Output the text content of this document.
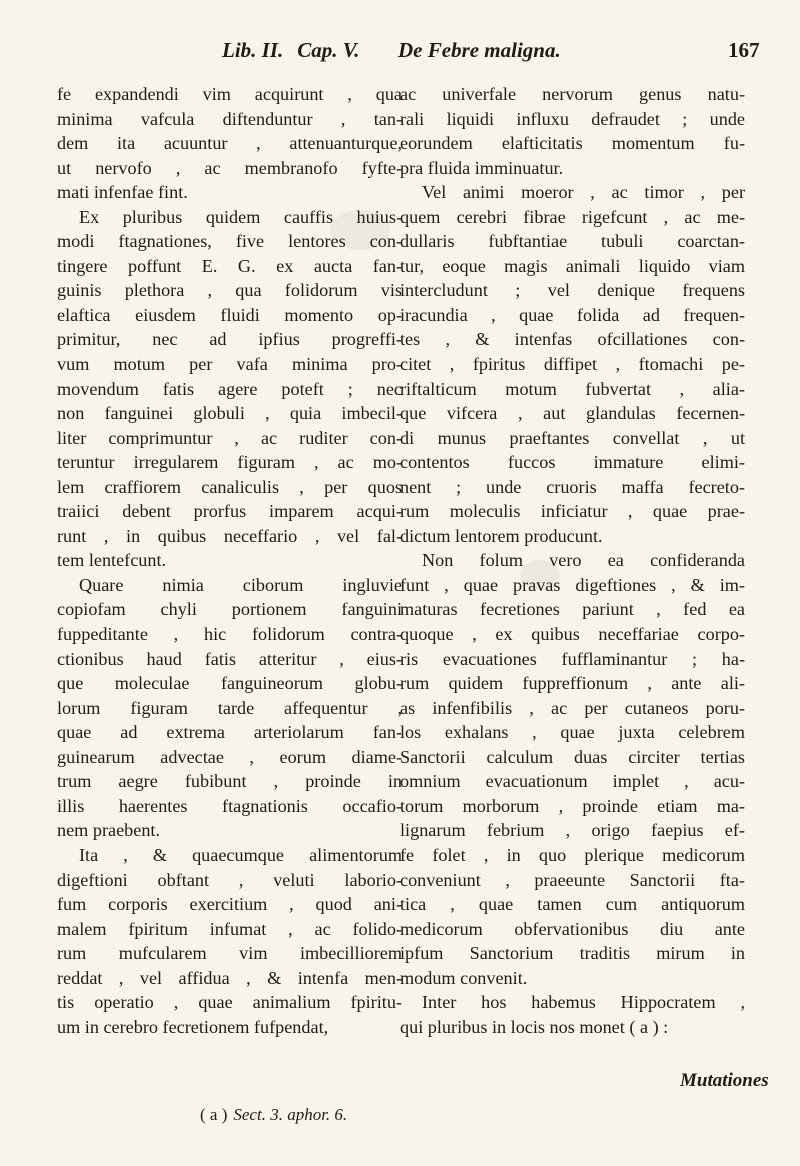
Lib. II. Cap. V. De Febre maligna.	167
fe expandendi vim acquirunt , qua
minima vafcula diftenduntur , tan-
dem ita acuuntur , attenuanturque,
ut nervofo , ac membranofo fyfte-
mati infenfae fint.
Ex pluribus quidem cauffis huius-
modi ftagnationes, five lentores con-
tingere poffunt E. G. ex aucta fan-
guinis plethora , qua folidorum vis
elaftica eiusdem fluidi momento op-
primitur, nec ad ipfius progreffi-
vum motum per vafa minima pro-
movendum fatis agere poteft ; nec
non fanguinei globuli , quia imbecil-
liter comprimuntur , ac ruditer con-
teruntur irregularem figuram , ac mo-
lem craffiorem canaliculis , per quos
traiici debent prorfus imparem acqui-
runt , in quibus neceffario , vel fal-
tem lentefcunt.
Quare nimia ciborum ingluvie
copiofam chyli portionem fanguini
fuppeditante , hic folidorum contra-
ctionibus haud fatis atteritur , eius-
que moleculae fanguineorum globu-
lorum figuram tarde affequentur ,
quae ad extrema arteriolarum fan-
guinearum advectae , eorum diame-
trum aegre fubibunt , proinde in
illis haerentes ftagnationis occafio-
nem praebent.
Ita , & quaecumque alimentorum
digeftioni obftant , veluti laborio-
fum corporis exercitium , quod ani-
malem fpiritum infumat , ac folido-
rum mufcularem vim imbecilliorem
reddat , vel affidua , & intenfa men-
tis operatio , quae animalium fpiritu-
um in cerebro fecretionem fufpendat,
ac univerfale nervorum genus natu-
rali liquidi influxu defraudet ; unde
eorundem elafticitatis momentum fu-
pra fluida imminuatur.
Vel animi moeror , ac timor , per
quem cerebri fibrae rigefcunt , ac me-
dullaris fubftantiae tubuli coarctan-
tur, eoque magis animali liquido viam
intercludunt ; vel denique frequens
iracundia , quae folida ad frequen-
tes , & intenfas ofcillationes con-
citet , fpiritus diffipet , ftomachi pe-
riftalticum motum fubvertat , alia-
que vifcera , aut glandulas fecernen-
di munus praeftantes convellat , ut
contentos fuccos immature elimi-
nent ; unde cruoris maffa fecreto-
rum moleculis inficiatur , quae prae-
dictum lentorem producunt.
Non folum vero ea confideranda
funt , quae pravas digeftiones , & im-
maturas fecretiones pariunt , fed ea
quoque , ex quibus neceffariae corpo-
ris evacuationes fufflaminantur ; ha-
rum quidem fuppreffionum , ante ali-
as infenfibilis , ac per cutaneos poru-
los exhalans , quae juxta celebrem
Sanctorii calculum duas circiter tertias
omnium evacuationum implet , acu-
torum morborum , proinde etiam ma-
lignarum febrium , origo faepius ef-
fe folet , in quo plerique medicorum
conveniunt , praeeunte Sanctorii fta-
tica , quae tamen cum antiquorum
medicorum obfervationibus diu ante
ipfum Sanctorium traditis mirum in
modum convenit.
Inter hos habemus Hippocratem ,
qui pluribus in locis nos monet ( a ) :
Mutationes
( a ) Sect. 3. aphor. 6.
